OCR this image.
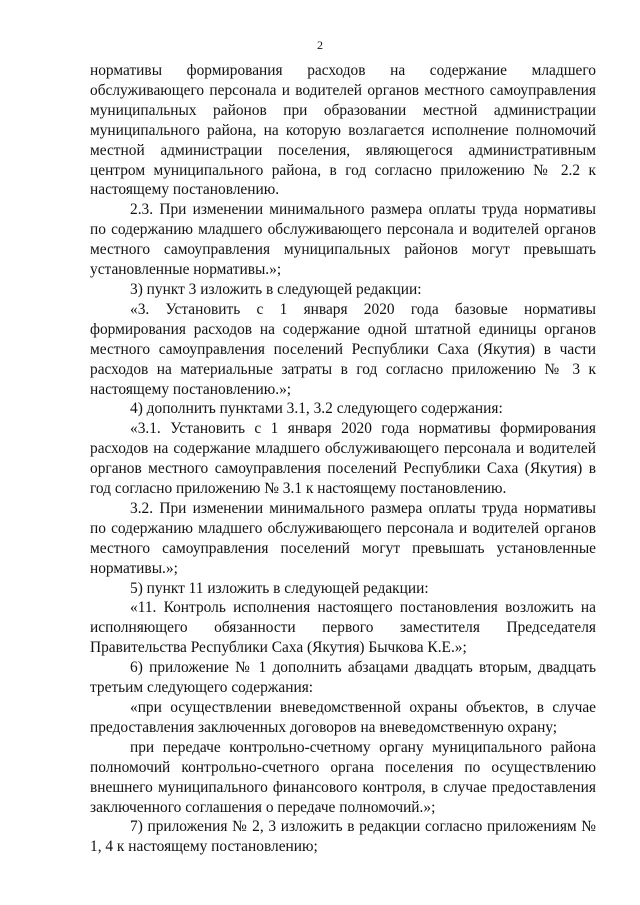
2

нормативы формирования расходов на содержание младшего обслуживающего персонала и водителей органов местного самоуправления муниципальных районов при образовании местной администрации муниципального района, на которую возлагается исполнение полномочий местной администрации поселения, являющегося административным центром муниципального района, в год согласно приложению № 2.2 к настоящему постановлению.

2.3. При изменении минимального размера оплаты труда нормативы по содержанию младшего обслуживающего персонала и водителей органов местного самоуправления муниципальных районов могут превышать установленные нормативы.»;

3) пункт 3 изложить в следующей редакции:

«3. Установить с 1 января 2020 года базовые нормативы формирования расходов на содержание одной штатной единицы органов местного самоуправления поселений Республики Саха (Якутия) в части расходов на материальные затраты в год согласно приложению № 3 к настоящему постановлению.»;

4) дополнить пунктами 3.1, 3.2 следующего содержания:

«3.1. Установить с 1 января 2020 года нормативы формирования расходов на содержание младшего обслуживающего персонала и водителей органов местного самоуправления поселений Республики Саха (Якутия) в год согласно приложению № 3.1 к настоящему постановлению.

3.2. При изменении минимального размера оплаты труда нормативы по содержанию младшего обслуживающего персонала и водителей органов местного самоуправления поселений могут превышать установленные нормативы.»;

5) пункт 11 изложить в следующей редакции:

«11. Контроль исполнения настоящего постановления возложить на исполняющего обязанности первого заместителя Председателя Правительства Республики Саха (Якутия) Бычкова К.Е.»;

6) приложение № 1 дополнить абзацами двадцать вторым, двадцать третьим следующего содержания:

«при осуществлении вневедомственной охраны объектов, в случае предоставления заключенных договоров на вневедомственную охрану;

при передаче контрольно-счетному органу муниципального района полномочий контрольно-счетного органа поселения по осуществлению внешнего муниципального финансового контроля, в случае предоставления заключенного соглашения о передаче полномочий.»;

7) приложения № 2, 3 изложить в редакции согласно приложениям № 1, 4 к настоящему постановлению;
